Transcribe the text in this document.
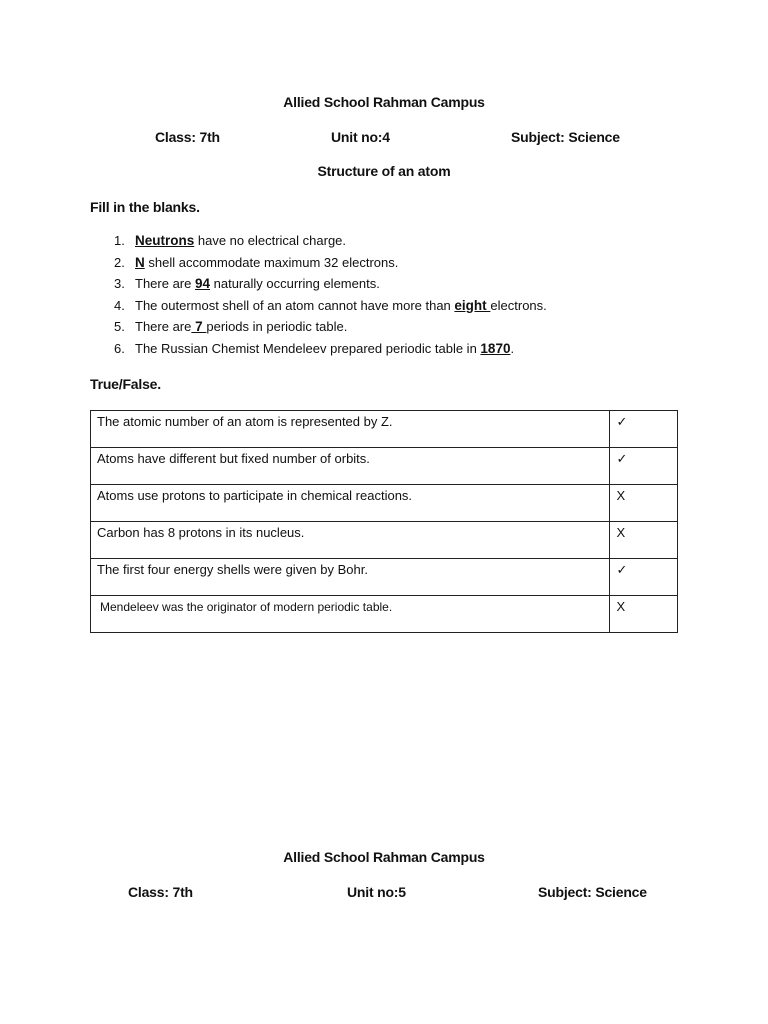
Allied School Rahman Campus
Class: 7th	Unit no:4	Subject: Science
Structure of an atom
Fill in the blanks.
1. Neutrons have no electrical charge.
2. N shell accommodate maximum 32 electrons.
3. There are 94 naturally occurring elements.
4. The outermost shell of an atom cannot have more than eight electrons.
5. There are 7 periods in periodic table.
6. The Russian Chemist Mendeleev prepared periodic table in 1870.
True/False.
The atomic number of an atom is represented by Z.	✓
Atoms have different but fixed number of orbits.	✓
Atoms use protons to participate in chemical reactions.	X
Carbon has 8 protons in its nucleus.	X
The first four energy shells were given by Bohr.	✓
Mendeleev was the originator of modern periodic table.	X
Allied School Rahman Campus
Class: 7th	Unit no:5	Subject: Science
